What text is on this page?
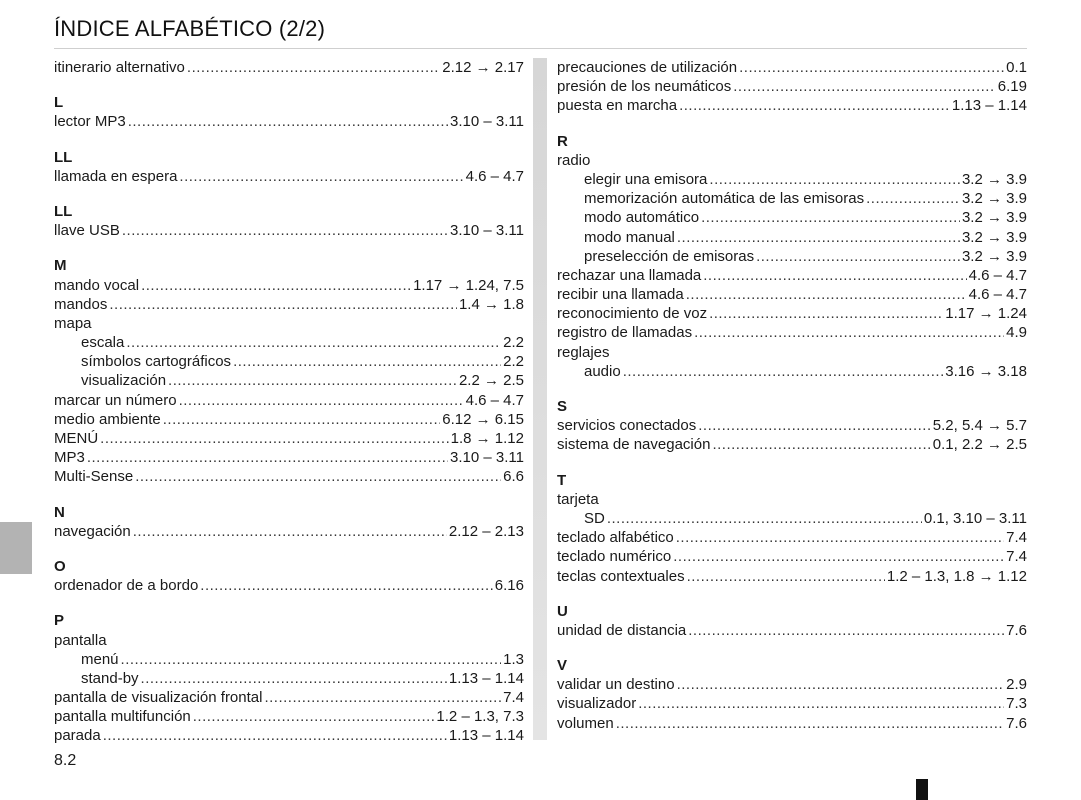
ÍNDICE ALFABÉTICO (2/2)
itinerario alternativo .....	2.12 → 2.17
L
lector MP3 .....	3.10 – 3.11
LL
llamada en espera .....	4.6 – 4.7
LL
llave USB .....	3.10 – 3.11
M
mando vocal .....	1.17 → 1.24, 7.5
mandos .....	1.4 → 1.8
mapa
escala .....	2.2
símbolos cartográficos .....	2.2
visualización .....	2.2 → 2.5
marcar un número .....	4.6 – 4.7
medio ambiente .....	6.12 → 6.15
MENÚ .....	1.8 → 1.12
MP3 .....	3.10 – 3.11
Multi-Sense .....	6.6
N
navegación .....	2.12 – 2.13
O
ordenador de a bordo .....	6.16
P
pantalla
menú .....	1.3
stand-by .....	1.13 – 1.14
pantalla de visualización frontal .....	7.4
pantalla multifunción .....	1.2 – 1.3, 7.3
parada .....	1.13 – 1.14
precauciones de utilización .....	0.1
presión de los neumáticos .....	6.19
puesta en marcha .....	1.13 – 1.14
R
radio
elegir una emisora .....	3.2 → 3.9
memorización automática de las emisoras .....	3.2 → 3.9
modo automático .....	3.2 → 3.9
modo manual .....	3.2 → 3.9
preselección de emisoras .....	3.2 → 3.9
rechazar una llamada .....	4.6 – 4.7
recibir una llamada .....	4.6 – 4.7
reconocimiento de voz .....	1.17 → 1.24
registro de llamadas .....	4.9
reglajes
audio .....	3.16 → 3.18
S
servicios conectados .....	5.2, 5.4 → 5.7
sistema de navegación .....	0.1, 2.2 → 2.5
T
tarjeta
SD .....	0.1, 3.10 – 3.11
teclado alfabético .....	7.4
teclado numérico .....	7.4
teclas contextuales .....	1.2 – 1.3, 1.8 → 1.12
U
unidad de distancia .....	7.6
V
validar un destino .....	2.9
visualizador .....	7.3
volumen .....	7.6
8.2
